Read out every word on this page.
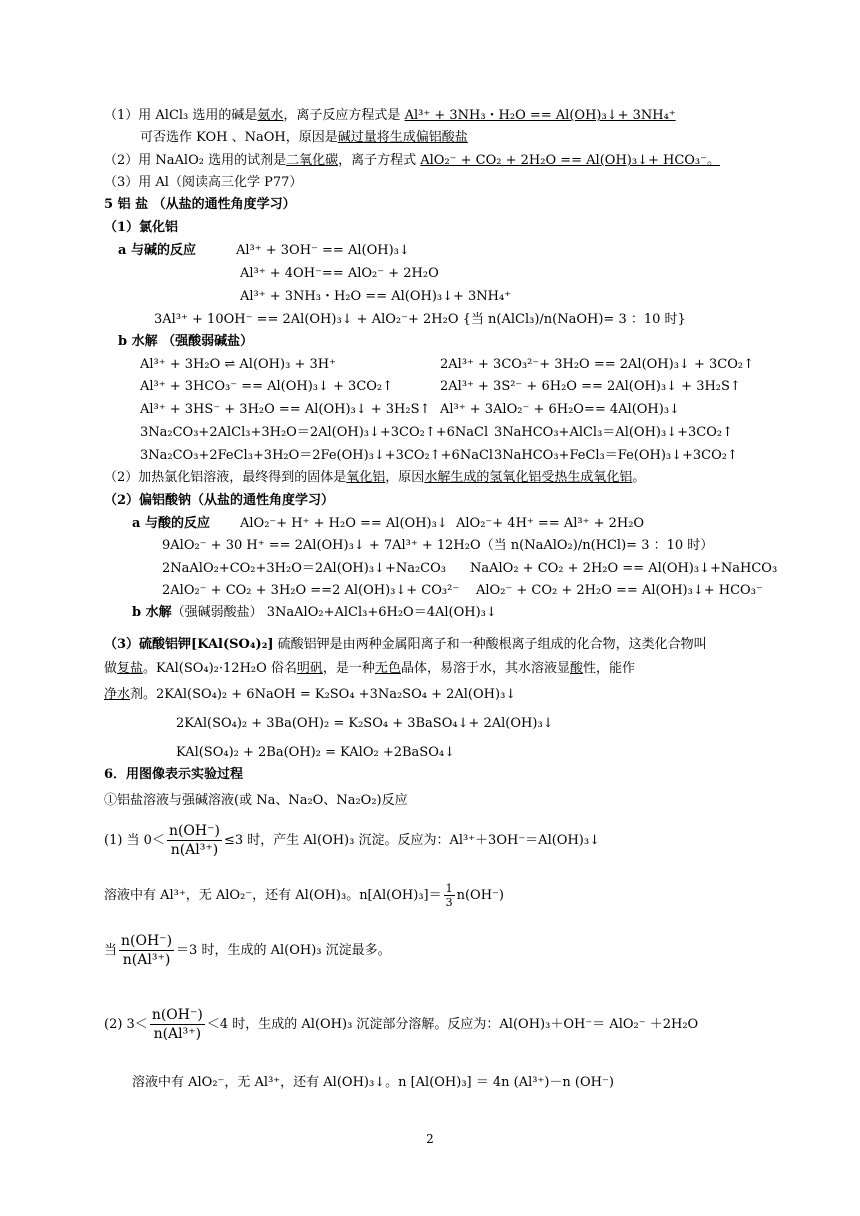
（1）用 AlCl₃ 选用的碱是氨水，离子反应方程式是 Al³⁺ + 3NH₃・H₂O == Al(OH)₃↓+ 3NH₄⁺
可否选作 KOH 、NaOH，原因是碱过量将生成偏铝酸盐
（2）用 NaAlO₂ 选用的试剂是二氧化碳，离子方程式 AlO₂⁻ + CO₂ + 2H₂O == Al(OH)₃↓+ HCO₃⁻。
（3）用 Al（阅读高三化学 P77）
5 铝 盐 （从盐的通性角度学习）
（1）氯化铝
a 与碱的反应	Al³⁺ + 3OH⁻ == Al(OH)₃↓
Al³⁺ + 4OH⁻== AlO₂⁻ + 2H₂O
Al³⁺ + 3NH₃・H₂O == Al(OH)₃↓+ 3NH₄⁺
3Al³⁺ + 10OH⁻ == 2Al(OH)₃↓ + AlO₂⁻+ 2H₂O {当 n(AlCl₃)/n(NaOH)= 3 ：10 时}
b 水解 （强酸弱碱盐）
Al³⁺ + 3H₂O ⇌ Al(OH)₃ + 3H⁺	2Al³⁺ + 3CO₃²⁻+ 3H₂O == 2Al(OH)₃↓ + 3CO₂↑
Al³⁺ + 3HCO₃⁻ == Al(OH)₃↓ + 3CO₂↑	2Al³⁺ + 3S²⁻ + 6H₂O == 2Al(OH)₃↓ + 3H₂S↑
Al³⁺ + 3HS⁻ + 3H₂O == Al(OH)₃↓ + 3H₂S↑ Al³⁺ + 3AlO₂⁻ + 6H₂O== 4Al(OH)₃↓
3Na₂CO₃+2AlCl₃+3H₂O＝2Al(OH)₃↓+3CO₂↑+6NaCl 3NaHCO₃+AlCl₃＝Al(OH)₃↓+3CO₂↑
3Na₂CO₃+2FeCl₃+3H₂O＝2Fe(OH)₃↓+3CO₂↑+6NaCl 3NaHCO₃+FeCl₃＝Fe(OH)₃↓+3CO₂↑
（2）加热氯化铝溶液，最终得到的固体是氧化铝，原因水解生成的氢氧化铝受热生成氧化铝。
（2）偏铝酸钠（从盐的通性角度学习）
a 与酸的反应 AlO₂⁻+ H⁺ + H₂O == Al(OH)₃↓ AlO₂⁻+ 4H⁺ == Al³⁺ + 2H₂O
9AlO₂⁻ + 30 H⁺ == 2Al(OH)₃↓ + 7Al³⁺ + 12H₂O（当 n(NaAlO₂)/n(HCl)= 3 ：10 时）
2NaAlO₂+CO₂+3H₂O＝2Al(OH)₃↓+Na₂CO₃ NaAlO₂ + CO₂ + 2H₂O == Al(OH)₃↓+NaHCO₃
2AlO₂⁻ + CO₂ + 3H₂O ==2 Al(OH)₃↓+ CO₃²⁻ AlO₂⁻ + CO₂ + 2H₂O == Al(OH)₃↓+ HCO₃⁻
b 水解（强碱弱酸盐） 3NaAlO₂+AlCl₃+6H₂O＝4Al(OH)₃↓
（3）硫酸铝钾[KAl(SO₄)₂] 硫酸铝钾是由两种金属阳离子和一种酸根离子组成的化合物，这类化合物叫
做复盐。KAl(SO₄)₂·12H₂O 俗名明矾，是一种无色晶体，易溶于水，其水溶液显酸性，能作
净水剂。2KAl(SO₄)₂ + 6NaOH = K₂SO₄ +3Na₂SO₄ + 2Al(OH)₃↓
2KAl(SO₄)₂ + 3Ba(OH)₂ = K₂SO₄ + 3BaSO₄↓+ 2Al(OH)₃↓
KAl(SO₄)₂ + 2Ba(OH)₂ = KAlO₂ +2BaSO₄↓
6．用图像表示实验过程
①铝盐溶液与强碱溶液(或 Na、Na₂O、Na₂O₂)反应
(1) 当 $0< \frac{n(OH^-)}{\text{n(Al³⁺)}} \le 3$ 时，产生 Al(OH)₃ 沉淀。反应为：Al³⁺＋3OH⁻＝Al(OH)₃↓
溶液中有 Al³⁺，无 AlO₂⁻，还有 Al(OH)₃。$n[Al(OH)_3]= \frac{1}{3} n(OH^-)$
当 $\frac{n(OH^-)}{\text{n(Al³⁺)}} =3$ 时，生成的 Al(OH)₃ 沉淀最多。
(2) $3< \frac{n(OH^-)}{\text{n(Al³⁺)}} <4$ 时，生成的 Al(OH)₃ 沉淀部分溶解。反应为：Al(OH)₃＋OH⁻＝ AlO₂⁻ ＋2H₂O
溶液中有 AlO₂⁻，无 Al³⁺，还有 Al(OH)₃↓。n [Al(OH)₃] ＝ 4n (Al³⁺)－n (OH⁻)
2
